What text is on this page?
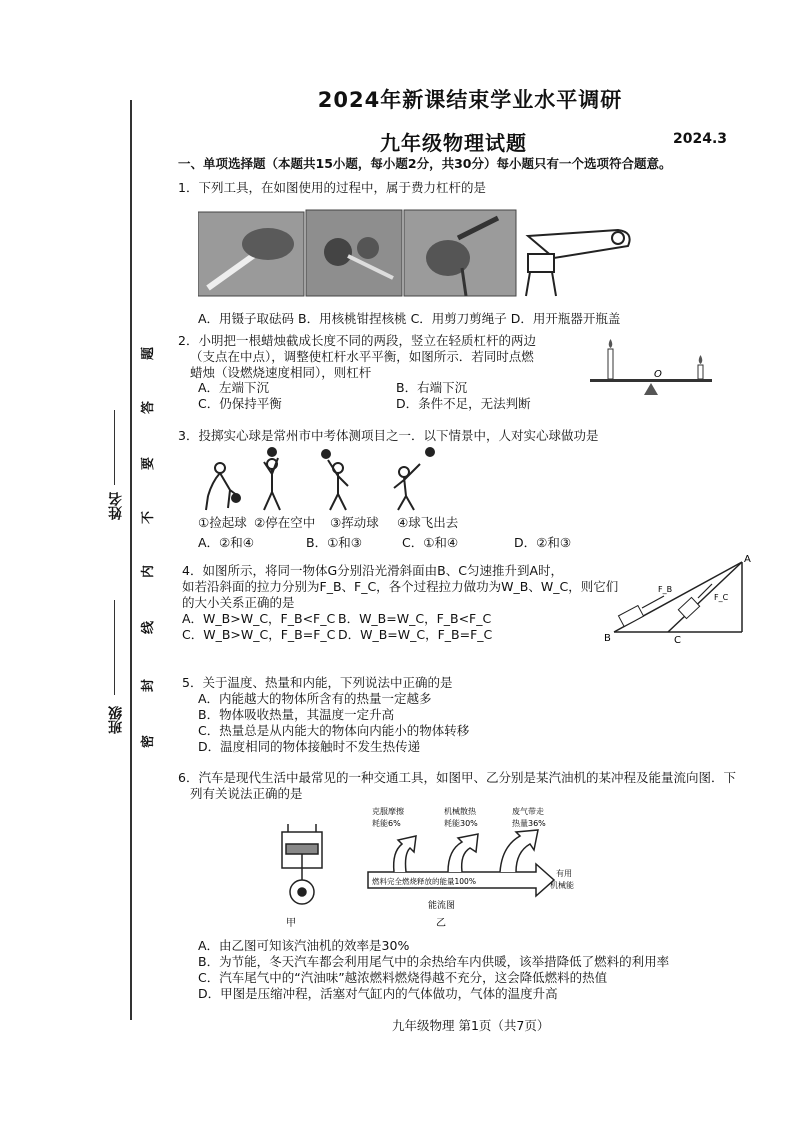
2024年新课结束学业水平调研
九年级物理试题	2024.3
姓名
班级
密
封
线
内
不
要
答
题
一、单项选择题（本题共15小题，每小题2分，共30分）每小题只有一个选项符合题意。
1．下列工具，在如图使用的过程中，属于费力杠杆的是
A．用镊子取砝码 B．用核桃钳捏核桃 C．用剪刀剪绳子 D．用开瓶器开瓶盖
2．小明把一根蜡烛截成长度不同的两段，竖立在轻质杠杆的两边
（支点在中点），调整使杠杆水平平衡，如图所示．若同时点燃
蜡烛（设燃烧速度相同），则杠杆
A．左端下沉	B．右端下沉
C．仍保持平衡	D．条件不足，无法判断
O
3．投掷实心球是常州市中考体测项目之一．以下情景中，人对实心球做功是
①捡起球 ②停在空中 ③挥动球 ④球飞出去
A．②和④	B．①和③	C．①和④	D．②和③
4．如图所示，将同一物体G分别沿光滑斜面由B、C匀速推升到A时，
如若沿斜面的拉力分别为F_B、F_C，各个过程拉力做功为W_B、W_C，则它们
的大小关系正确的是
A．W_B>W_C，F_B<F_C B．W_B=W_C，F_B<F_C
C．W_B>W_C，F_B=F_C D．W_B=W_C，F_B=F_C
A
B	C
F_B
F_C
5．关于温度、热量和内能，下列说法中正确的是
A．内能越大的物体所含有的热量一定越多
B．物体吸收热量，其温度一定升高
C．热量总是从内能大的物体向内能小的物体转移
D．温度相同的物体接触时不发生热传递
6．汽车是现代生活中最常见的一种交通工具，如图甲、乙分别是某汽油机的某冲程及能量流向图．下
列有关说法正确的是
甲
克服摩擦
耗能6%
机械散热
耗能30%
废气带走
热量36%
燃料完全燃烧释放的能量100%
有用
机械能
能流图
乙
A．由乙图可知该汽油机的效率是30%
B．为节能，冬天汽车都会利用尾气中的余热给车内供暖，该举措降低了燃料的利用率
C．汽车尾气中的“汽油味”越浓燃料燃烧得越不充分，这会降低燃料的热值
D．甲图是压缩冲程，活塞对气缸内的气体做功，气体的温度升高
九年级物理 第1页（共7页）
